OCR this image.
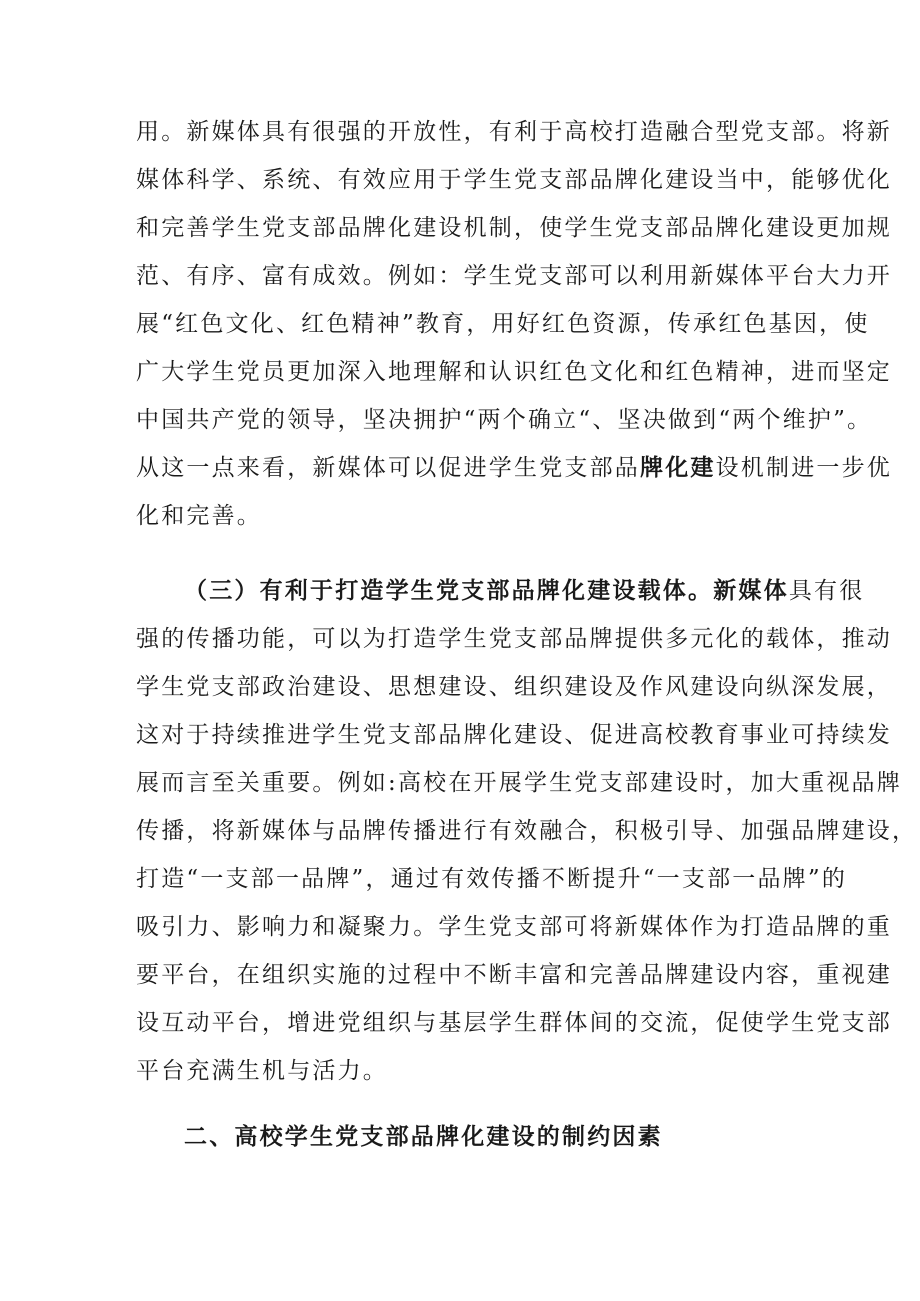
用。新媒体具有很强的开放性，有利于高校打造融合型党支部。将新
媒体科学、系统、有效应用于学生党支部品牌化建设当中，能够优化
和完善学生党支部品牌化建设机制，使学生党支部品牌化建设更加规
范、有序、富有成效。例如：学生党支部可以利用新媒体平台大力开
展“红色文化、红色精神”教育，用好红色资源，传承红色基因，使
广大学生党员更加深入地理解和认识红色文化和红色精神，进而坚定
中国共产党的领导，坚决拥护“两个确立“、坚决做到“两个维护”。
从这一点来看，新媒体可以促进学生党支部品牌化建设机制进一步优
化和完善。
（三）有利于打造学生党支部品牌化建设载体。新媒体具有很
强的传播功能，可以为打造学生党支部品牌提供多元化的载体，推动
学生党支部政治建设、思想建设、组织建设及作风建设向纵深发展，
这对于持续推进学生党支部品牌化建设、促进高校教育事业可持续发
展而言至关重要。例如:高校在开展学生党支部建设时，加大重视品牌
传播，将新媒体与品牌传播进行有效融合，积极引导、加强品牌建设，
打造“一支部一品牌”，通过有效传播不断提升“一支部一品牌”的
吸引力、影响力和凝聚力。学生党支部可将新媒体作为打造品牌的重
要平台，在组织实施的过程中不断丰富和完善品牌建设内容，重视建
设互动平台，增进党组织与基层学生群体间的交流，促使学生党支部
平台充满生机与活力。
二、高校学生党支部品牌化建设的制约因素
